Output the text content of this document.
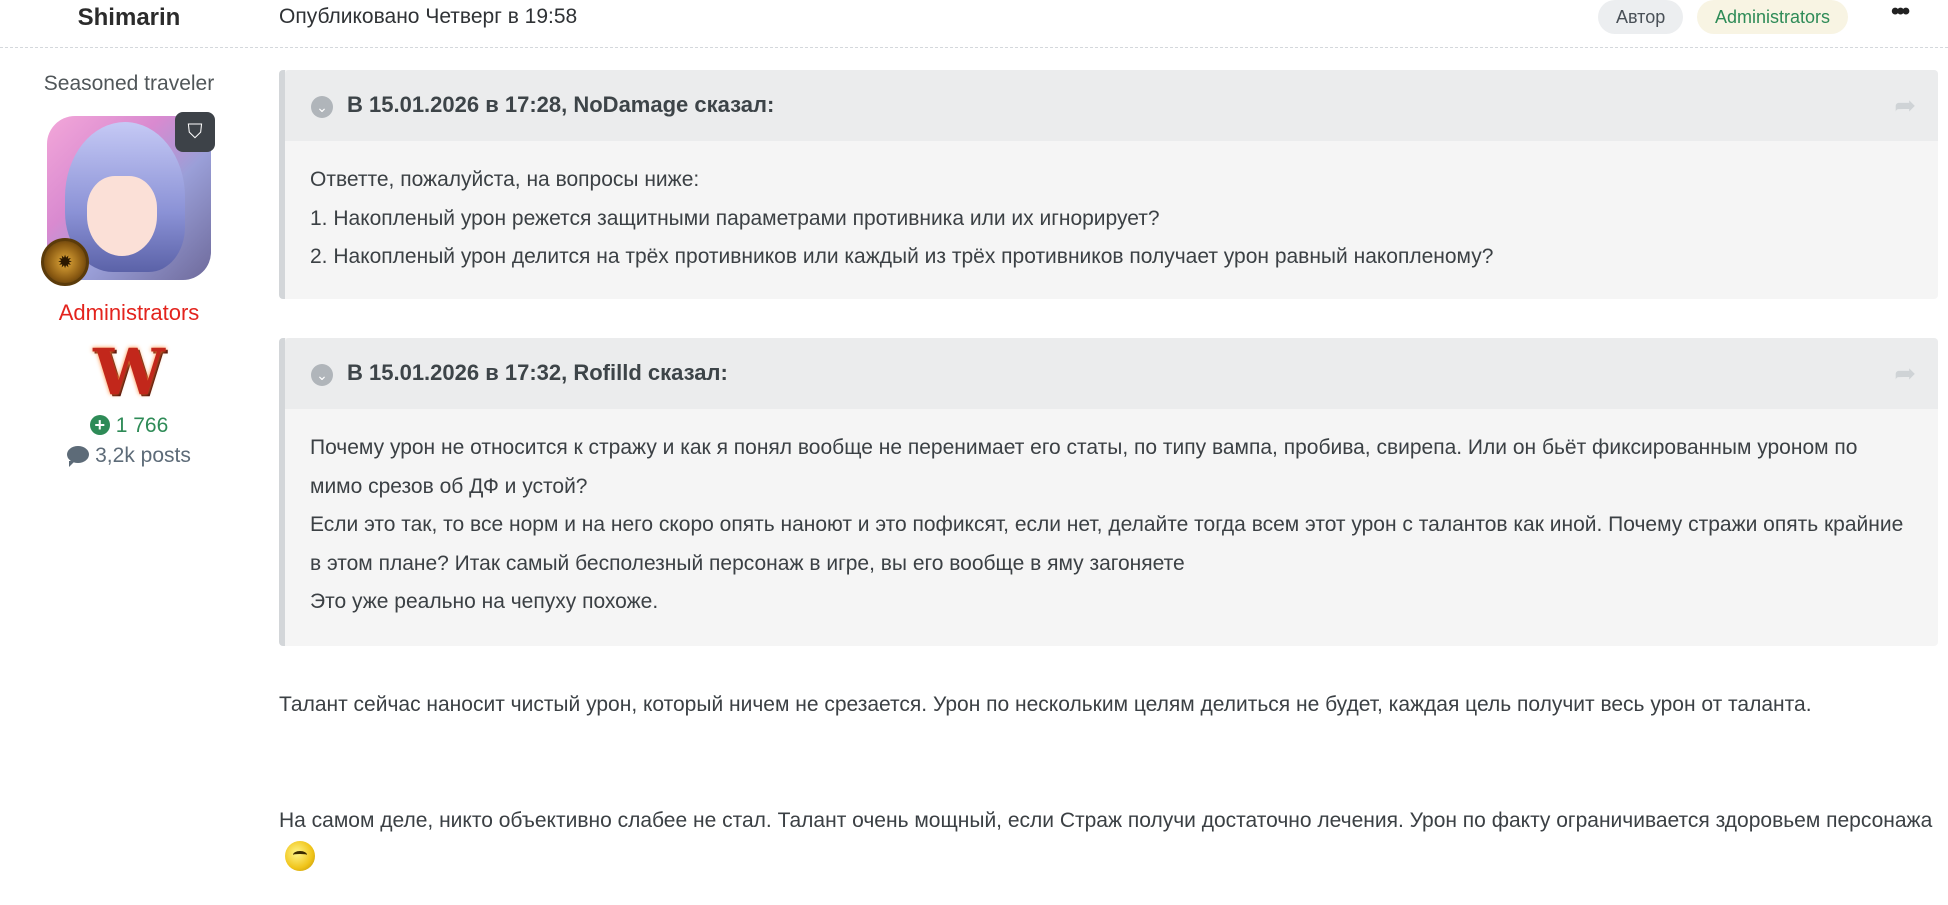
Shimarin	Опубликовано Четверг в 19:58	Автор	Administrators	•••
Seasoned traveler
⛉
✹
Administrators
W
+ 1 766
3,2k posts
⌄ В 15.01.2026 в 17:28, NoDamage сказал:	➦
Ответте, пожалуйста, на вопросы ниже:
1. Накопленый урон режется защитными параметрами противника или их игнорирует?
2. Накопленый урон делится на трёх противников или каждый из трёх противников получает урон равный накопленому?
⌄ В 15.01.2026 в 17:32, Rofilld сказал:	➦
Почему урон не относится к стражу и как я понял вообще не перенимает его статы, по типу вампа, пробива, свирепа. Или он бьёт фиксированным уроном по мимо срезов об ДФ и устой?
Если это так, то все норм и на него скоро опять наноют и это пофиксят, если нет, делайте тогда всем этот урон с талантов как иной. Почему стражи опять крайние в этом плане? Итак самый бесполезный персонаж в игре, вы его вообще в яму загоняете
Это уже реально на чепуху похоже.
Талант сейчас наносит чистый урон, который ничем не срезается. Урон по нескольким целям делиться не будет, каждая цель получит весь урон от таланта.
На самом деле, никто объективно слабее не стал. Талант очень мощный, если Страж получи достаточно лечения. Урон по факту ограничивается здоровьем персонажа
